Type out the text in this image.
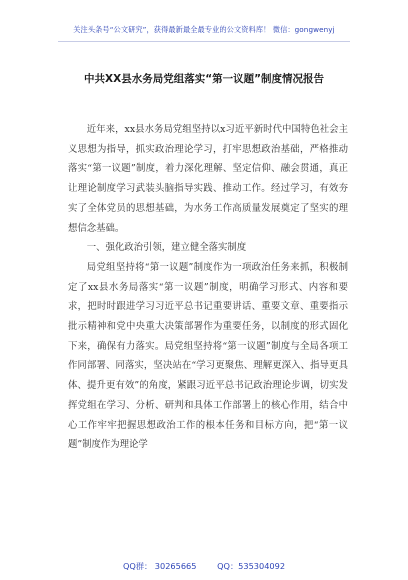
关注头条号“公文研究”，获得最新最全最专业的公文资料库！ 微信：gongwenyj
中共XX县水务局党组落实“第一议题”制度情况报告

近年来，xx县水务局党组坚持以x习近平新时代中国特色社会主义思想为指导，抓实政治理论学习，打牢思想政治基础，严格推动落实“第一议题”制度，着力深化理解、坚定信仰、融会贯通，真正让理论制度学习武装头脑指导实践、推动工作。经过学习，有效夯实了全体党员的思想基础，为水务工作高质量发展奠定了坚实的理想信念基础。

一、强化政治引领，建立健全落实制度

局党组坚持将“第一议题”制度作为一项政治任务来抓，积极制定了xx县水务局落实“第一议题”制度，明确学习形式、内容和要求，把时时跟进学习习近平总书记重要讲话、重要文章、重要指示批示精神和党中央重大决策部署作为重要任务，以制度的形式固化下来，确保有力落实。局党组坚持将“第一议题”制度与全局各项工作同部署、同落实，坚决站在“学习更聚焦、理解更深入、指导更具体、提升更有效”的角度，紧跟习近平总书记政治理论步调，切实发挥党组在学习、分析、研判和具体工作部署上的核心作用，结合中心工作牢牢把握思想政治工作的根本任务和目标方向，把“第一议题”制度作为理论学

QQ群： 30265665	QQ：535304092
